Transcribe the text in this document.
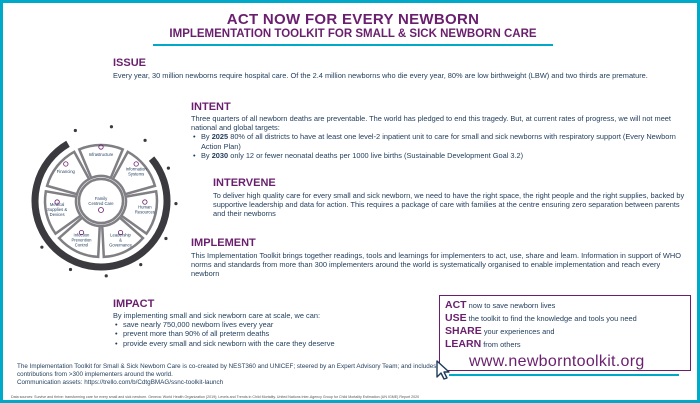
ACT NOW FOR EVERY NEWBORN
IMPLEMENTATION TOOLKIT FOR SMALL & SICK NEWBORN CARE
ISSUE
Every year, 30 million newborns require hospital care. Of the 2.4 million newborns who die every year, 80% are low birthweight (LBW) and two thirds are premature.
INTENT
Three quarters of all newborn deaths are preventable. The world has pledged to end this tragedy. But, at current rates of progress, we will not meet national and global targets:
• By 2025 80% of all districts to have at least one level-2 inpatient unit to care for small and sick newborns with respiratory support (Every Newborn Action Plan)
• By 2030 only 12 or fewer neonatal deaths per 1000 live births (Sustainable Development Goal 3.2)
INTERVENE
To deliver high quality care for every small and sick newborn, we need to have the right space, the right people and the right supplies, backed by supportive leadership and data for action. This requires a package of care with families at the centre ensuring zero separation between parents and their newborns
IMPLEMENT
This Implementation Toolkit brings together readings, tools and learnings for implementers to act, use, share and learn. Information in support of WHO norms and standards from more than 300 implementers around the world is systematically organised to enable implementation and reach every newborn
IMPACT
By implementing small and sick newborn care at scale, we can:
• save nearly 750,000 newborn lives every year
• prevent more than 90% of all preterm deaths
• provide every small and sick newborn with the care they deserve
ACT now to save newborn lives
USE the toolkit to find the knowledge and tools you need
SHARE your experiences and
LEARN from others
www.newborntoolkit.org
The Implementation Toolkit for Small & Sick Newborn Care is co-created by NEST360 and UNICEF; steered by an Expert Advisory Team; and includes contributions from >300 implementers around the world.
Communication assets: https://trello.com/b/CdtgBMAG/ssnc-toolkit-launch
Data sources: Survive and thrive: transforming care for every small and sick newborn. Geneva: World Health Organization (2019); Levels and Trends in Child Mortality. United Nations Inter-Agency Group for Child Mortality Estimation (UN IGME) Report 2020
Infrastructure
Information Systems
Human Resources
Leadership & Governance
Infection Prevention Control
Medical Supplies & Devices
Financing
Family Centred Care
